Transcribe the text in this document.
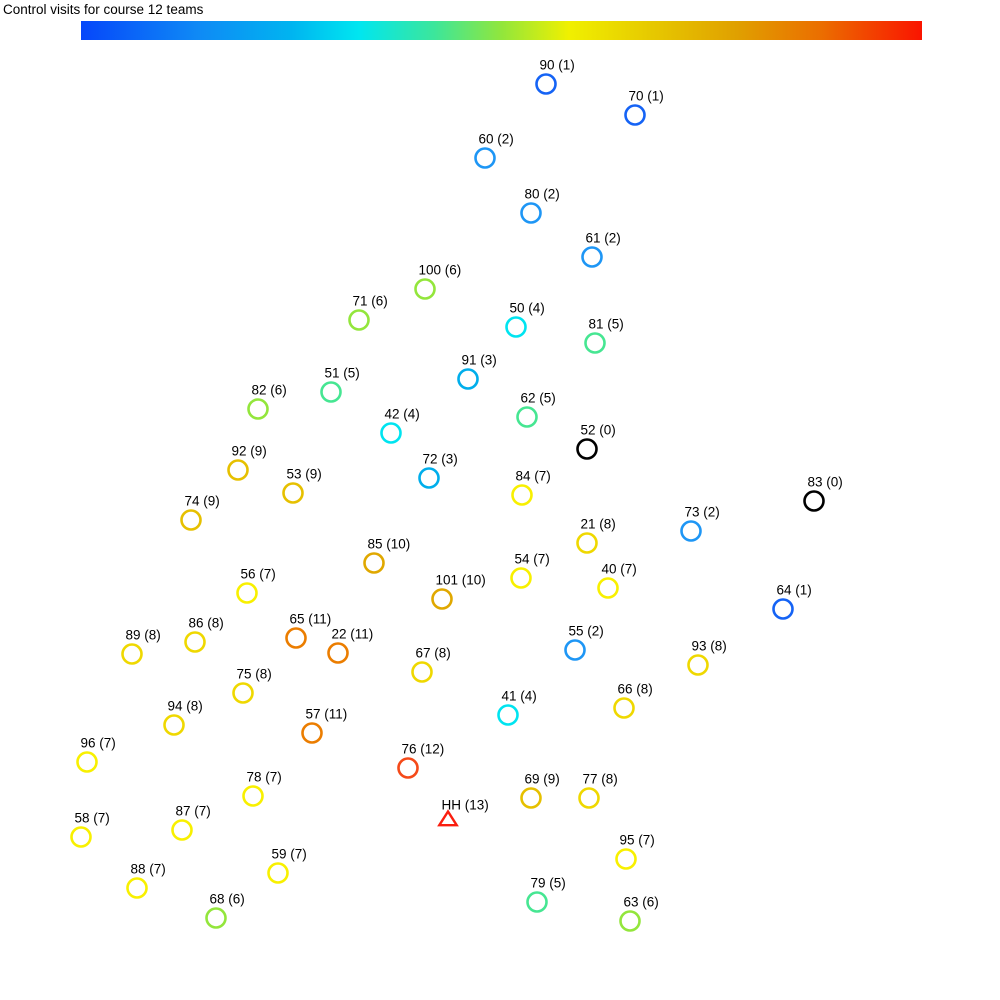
Control visits for course 12 teams
90 (1)
70 (1)
60 (2)
80 (2)
61 (2)
100 (6)
71 (6)	50 (4)
81 (5)
91 (3)
51 (5)
82 (6)
62 (5)
42 (4)
52 (0)
92 (9)
72 (3)
53 (9)	84 (7)	83 (0)
74 (9)
73 (2)
21 (8)
85 (10)
54 (7)
40 (7)
56 (7)	101 (10)
64 (1)
65 (11)
86 (8)
55 (2)
22 (11)
89 (8)
93 (8)
67 (8)
75 (8)
66 (8)
41 (4)
94 (8)
57 (11)
96 (7)	76 (12)
78 (7)	69 (9) 77 (8)
HH (13)
87 (7)
58 (7)
95 (7)
59 (7)
88 (7)
79 (5)
68 (6)	63 (6)
